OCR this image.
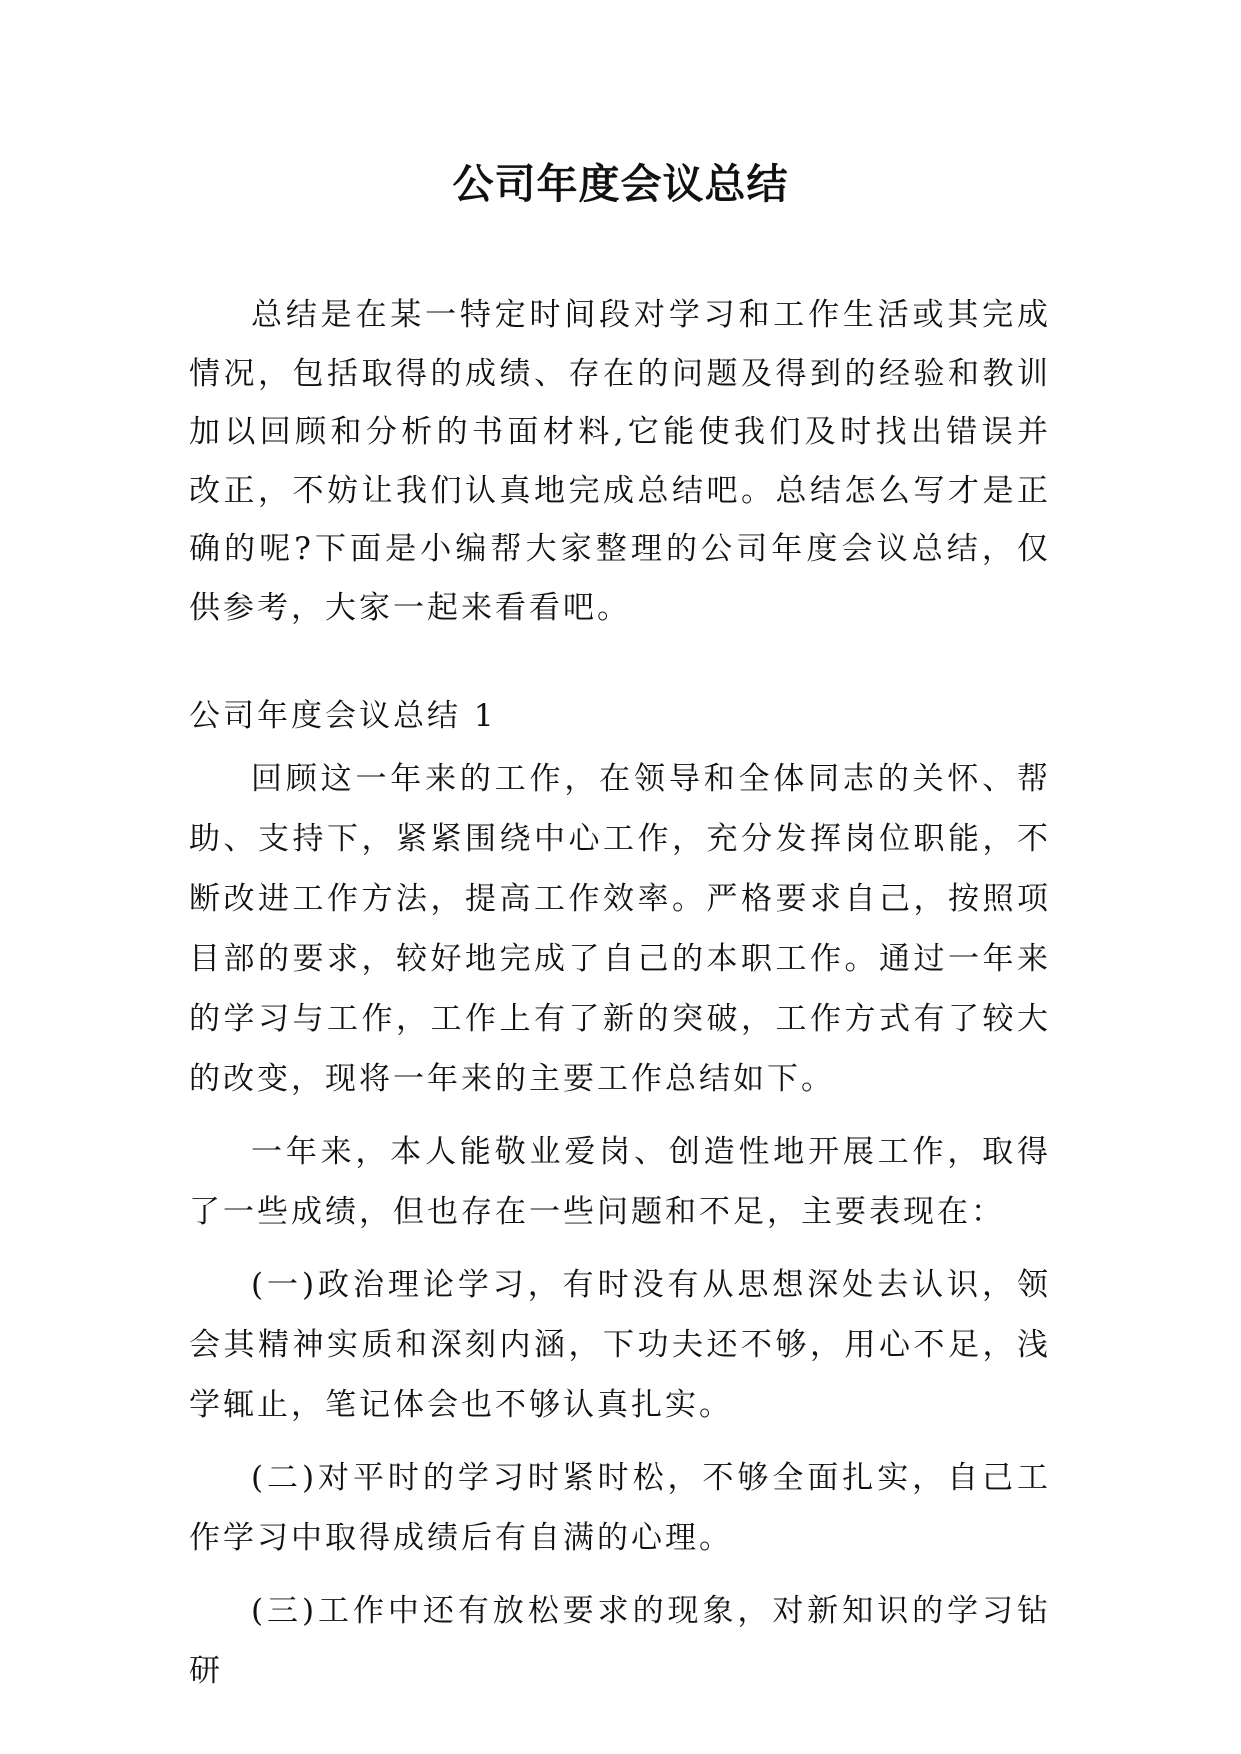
公司年度会议总结

总结是在某一特定时间段对学习和工作生活或其完成情况，包括取得的成绩、存在的问题及得到的经验和教训加以回顾和分析的书面材料,它能使我们及时找出错误并改正，不妨让我们认真地完成总结吧。总结怎么写才是正确的呢?下面是小编帮大家整理的公司年度会议总结，仅供参考，大家一起来看看吧。

公司年度会议总结 1

回顾这一年来的工作，在领导和全体同志的关怀、帮助、支持下，紧紧围绕中心工作，充分发挥岗位职能，不断改进工作方法，提高工作效率。严格要求自己，按照项目部的要求，较好地完成了自己的本职工作。通过一年来的学习与工作，工作上有了新的突破，工作方式有了较大的改变，现将一年来的主要工作总结如下。

一年来，本人能敬业爱岗、创造性地开展工作，取得了一些成绩，但也存在一些问题和不足，主要表现在：

(一)政治理论学习，有时没有从思想深处去认识，领会其精神实质和深刻内涵，下功夫还不够，用心不足，浅学辄止，笔记体会也不够认真扎实。

(二)对平时的学习时紧时松，不够全面扎实，自己工作学习中取得成绩后有自满的心理。

(三)工作中还有放松要求的现象，对新知识的学习钻研
